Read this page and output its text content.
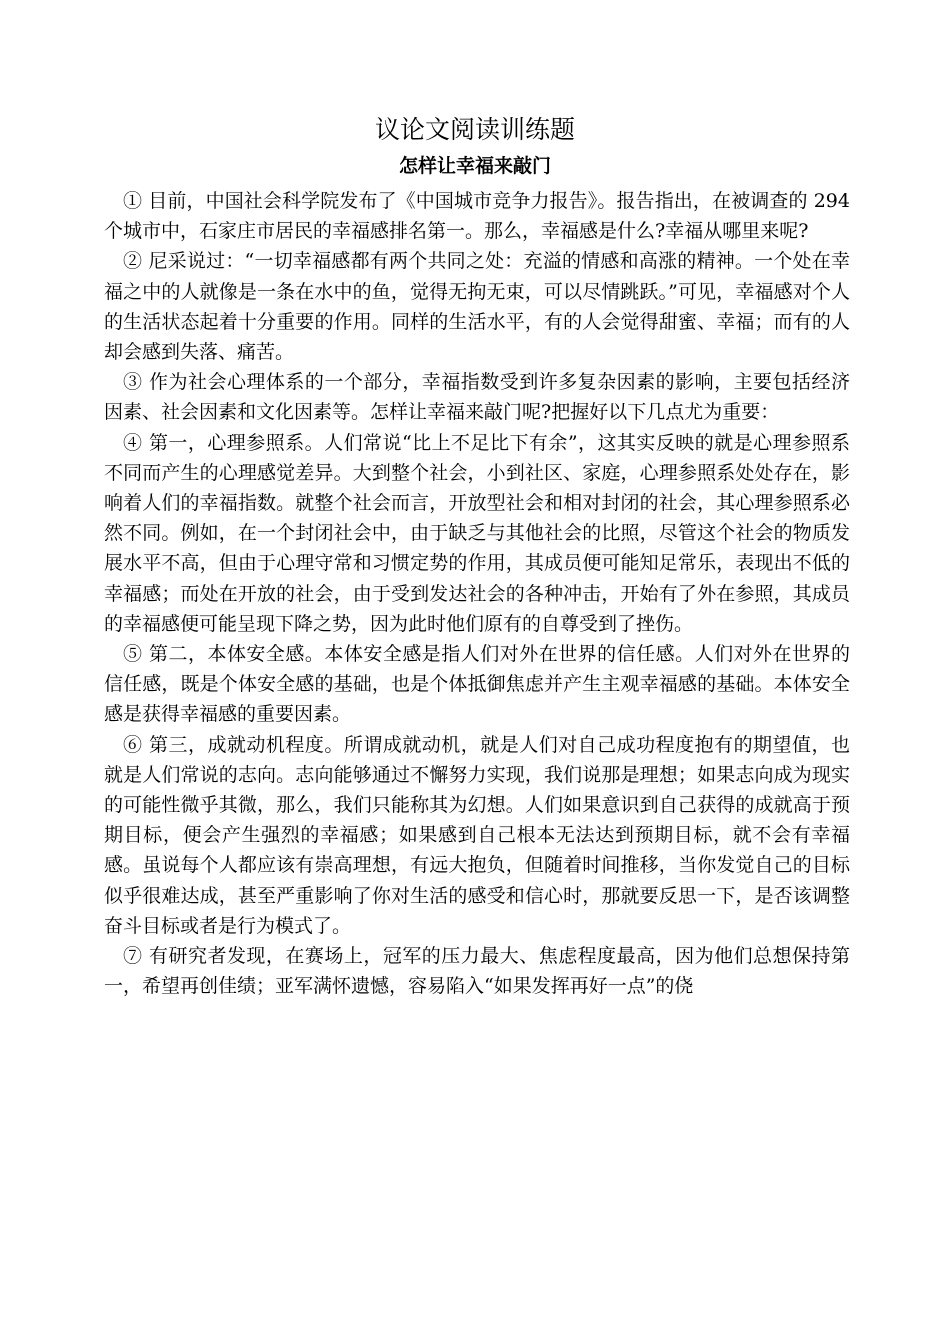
议论文阅读训练题
怎样让幸福来敲门

① 目前，中国社会科学院发布了《中国城市竞争力报告》。报告指出，在被调查的 294 个城市中，石家庄市居民的幸福感排名第一。那么，幸福感是什么?幸福从哪里来呢?

② 尼采说过：“一切幸福感都有两个共同之处：充溢的情感和高涨的精神。一个处在幸福之中的人就像是一条在水中的鱼，觉得无拘无束，可以尽情跳跃。”可见，幸福感对个人的生活状态起着十分重要的作用。同样的生活水平，有的人会觉得甜蜜、幸福；而有的人却会感到失落、痛苦。

③ 作为社会心理体系的一个部分，幸福指数受到许多复杂因素的影响，主要包括经济因素、社会因素和文化因素等。怎样让幸福来敲门呢?把握好以下几点尤为重要：

④ 第一，心理参照系。人们常说“比上不足比下有余”，这其实反映的就是心理参照系不同而产生的心理感觉差异。大到整个社会，小到社区、家庭，心理参照系处处存在，影响着人们的幸福指数。就整个社会而言，开放型社会和相对封闭的社会，其心理参照系必然不同。例如，在一个封闭社会中，由于缺乏与其他社会的比照，尽管这个社会的物质发展水平不高，但由于心理守常和习惯定势的作用，其成员便可能知足常乐，表现出不低的幸福感；而处在开放的社会，由于受到发达社会的各种冲击，开始有了外在参照，其成员的幸福感便可能呈现下降之势，因为此时他们原有的自尊受到了挫伤。

⑤ 第二，本体安全感。本体安全感是指人们对外在世界的信任感。人们对外在世界的信任感，既是个体安全感的基础，也是个体抵御焦虑并产生主观幸福感的基础。本体安全感是获得幸福感的重要因素。

⑥ 第三，成就动机程度。所谓成就动机，就是人们对自己成功程度抱有的期望值，也就是人们常说的志向。志向能够通过不懈努力实现，我们说那是理想；如果志向成为现实的可能性微乎其微，那么，我们只能称其为幻想。人们如果意识到自己获得的成就高于预期目标，便会产生强烈的幸福感；如果感到自己根本无法达到预期目标，就不会有幸福感。虽说每个人都应该有崇高理想，有远大抱负，但随着时间推移，当你发觉自己的目标似乎很难达成，甚至严重影响了你对生活的感受和信心时，那就要反思一下，是否该调整奋斗目标或者是行为模式了。

⑦ 有研究者发现，在赛场上，冠军的压力最大、焦虑程度最高，因为他们总想保持第一，希望再创佳绩；亚军满怀遗憾，容易陷入“如果发挥再好一点”的侥
